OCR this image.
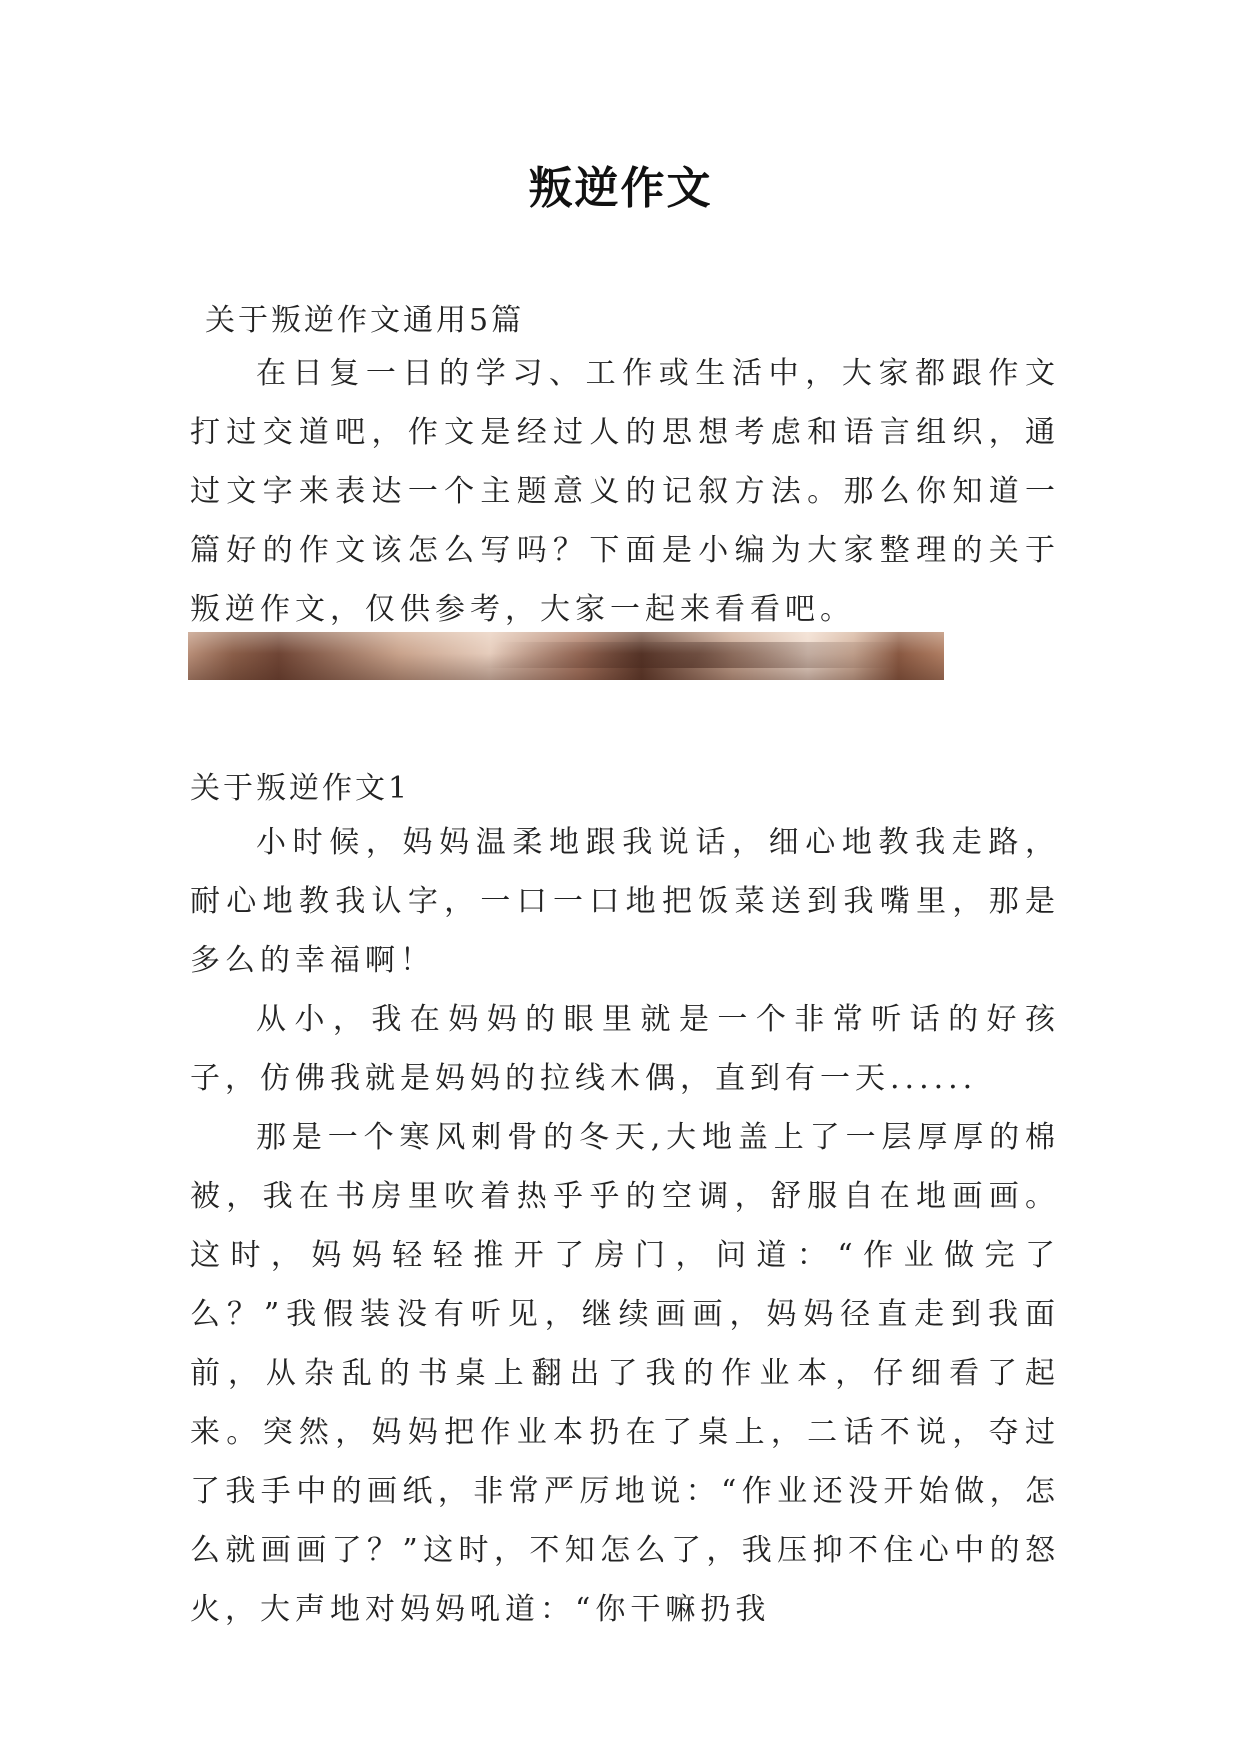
叛逆作文
关于叛逆作文通用5篇

在日复一日的学习、工作或生活中，大家都跟作文打过交道吧，作文是经过人的思想考虑和语言组织，通过文字来表达一个主题意义的记叙方法。那么你知道一篇好的作文该怎么写吗？下面是小编为大家整理的关于叛逆作文，仅供参考，大家一起来看看吧。

关于叛逆作文1

小时候，妈妈温柔地跟我说话，细心地教我走路，耐心地教我认字，一口一口地把饭菜送到我嘴里，那是多么的幸福啊！

从小，我在妈妈的眼里就是一个非常听话的好孩子，仿佛我就是妈妈的拉线木偶，直到有一天......

那是一个寒风刺骨的冬天,大地盖上了一层厚厚的棉被，我在书房里吹着热乎乎的空调，舒服自在地画画。这时，妈妈轻轻推开了房门，问道：“作业做完了么？”我假装没有听见，继续画画，妈妈径直走到我面前，从杂乱的书桌上翻出了我的作业本，仔细看了起来。突然，妈妈把作业本扔在了桌上，二话不说，夺过了我手中的画纸，非常严厉地说：“作业还没开始做，怎么就画画了？”这时，不知怎么了，我压抑不住心中的怒火，大声地对妈妈吼道：“你干嘛扔我
